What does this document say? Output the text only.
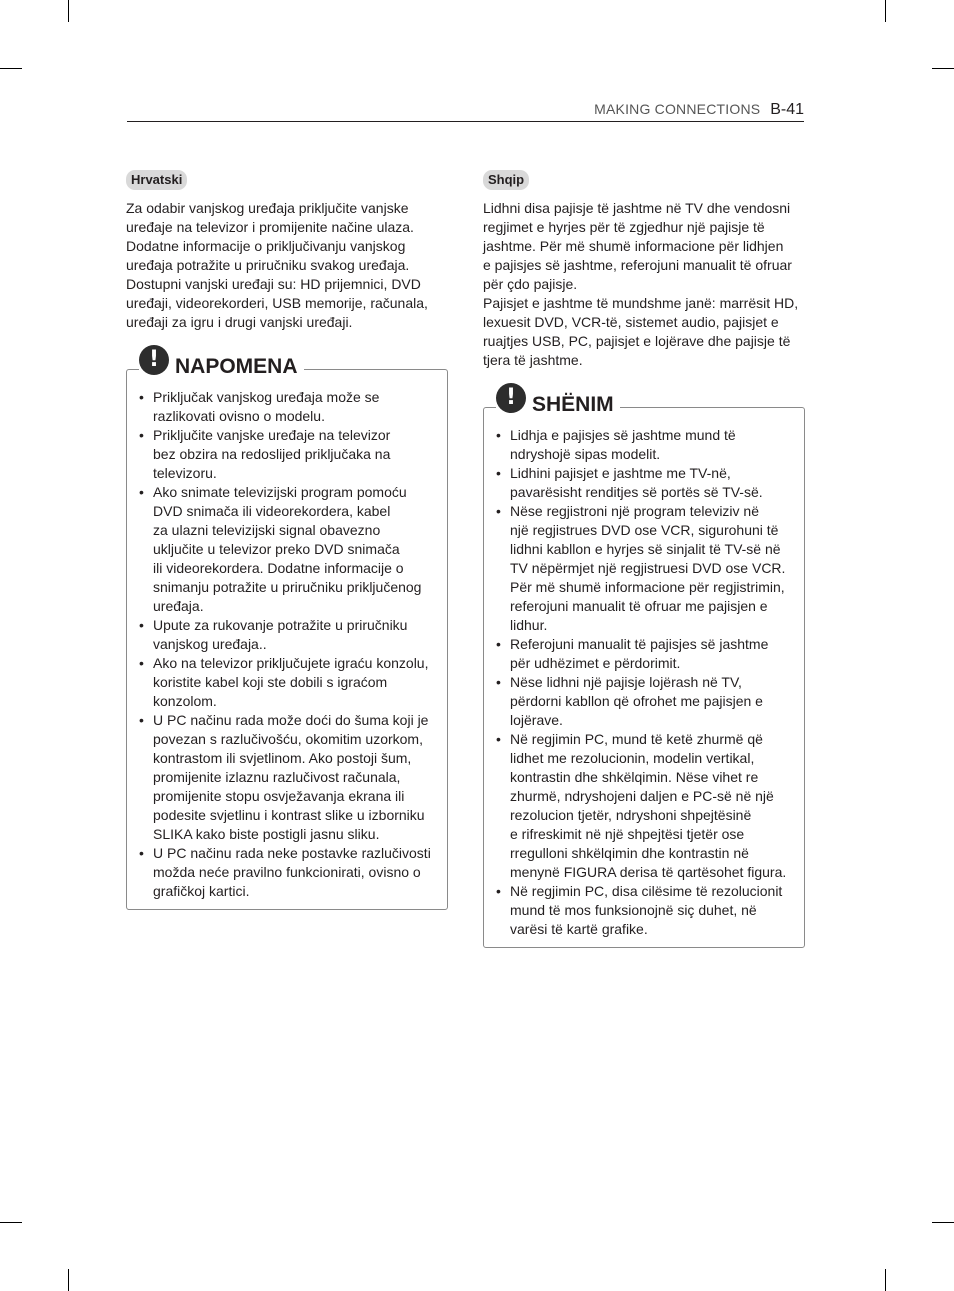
MAKING CONNECTIONS B-41
Hrvatski

Za odabir vanjskog uređaja priključite vanjske
uređaje na televizor i promijenite načine ulaza.
Dodatne informacije o priključivanju vanjskog
uređaja potražite u priručniku svakog uređaja.
Dostupni vanjski uređaji su: HD prijemnici, DVD
uređaji, videorekorderi, USB memorije, računala,
uređaji za igru i drugi vanjski uređaji.

! NAPOMENA
• Priključak vanjskog uređaja može se
razlikovati ovisno o modelu.
• Priključite vanjske uređaje na televizor
bez obzira na redoslijed priključaka na
televizoru.
• Ako snimate televizijski program pomoću
DVD snimača ili videorekordera, kabel
za ulazni televizijski signal obavezno
uključite u televizor preko DVD snimača
ili videorekordera. Dodatne informacije o
snimanju potražite u priručniku priključenog
uređaja.
• Upute za rukovanje potražite u priručniku
vanjskog uređaja..
• Ako na televizor priključujete igraću konzolu,
koristite kabel koji ste dobili s igraćom
konzolom.
• U PC načinu rada može doći do šuma koji je
povezan s razlučivošću, okomitim uzorkom,
kontrastom ili svjetlinom. Ako postoji šum,
promijenite izlaznu razlučivost računala,
promijenite stopu osvježavanja ekrana ili
podesite svjetlinu i kontrast slike u izborniku
SLIKA kako biste postigli jasnu sliku.
• U PC načinu rada neke postavke razlučivosti
možda neće pravilno funkcionirati, ovisno o
grafičkoj kartici.
Shqip

Lidhni disa pajisje të jashtme në TV dhe vendosni
regjimet e hyrjes për të zgjedhur një pajisje të
jashtme. Për më shumë informacione për lidhjen
e pajisjes së jashtme, referojuni manualit të ofruar
për çdo pajisje.
Pajisjet e jashtme të mundshme janë: marrësit HD,
lexuesit DVD, VCR-të, sistemet audio, pajisjet e
ruajtjes USB, PC, pajisjet e lojërave dhe pajisje të
tjera të jashtme.

! SHËNIM
• Lidhja e pajisjes së jashtme mund të
ndryshojë sipas modelit.
• Lidhini pajisjet e jashtme me TV-në,
pavarësisht renditjes së portës së TV-së.
• Nëse regjistroni një program televiziv në
një regjistrues DVD ose VCR, sigurohuni të
lidhni kabllon e hyrjes së sinjalit të TV-së në
TV nëpërmjet një regjistruesi DVD ose VCR.
Për më shumë informacione për regjistrimin,
referojuni manualit të ofruar me pajisjen e
lidhur.
• Referojuni manualit të pajisjes së jashtme
për udhëzimet e përdorimit.
• Nëse lidhni një pajisje lojërash në TV,
përdorni kabllon që ofrohet me pajisjen e
lojërave.
• Në regjimin PC, mund të ketë zhurmë që
lidhet me rezolucionin, modelin vertikal,
kontrastin dhe shkëlqimin. Nëse vihet re
zhurmë, ndryshojeni daljen e PC-së në një
rezolucion tjetër, ndryshoni shpejtësinë
e rifreskimit në një shpejtësi tjetër ose
rregulloni shkëlqimin dhe kontrastin në
menynë FIGURA derisa të qartësohet figura.
• Në regjimin PC, disa cilësime të rezolucionit
mund të mos funksionojnë siç duhet, në
varësi të kartë grafike.
